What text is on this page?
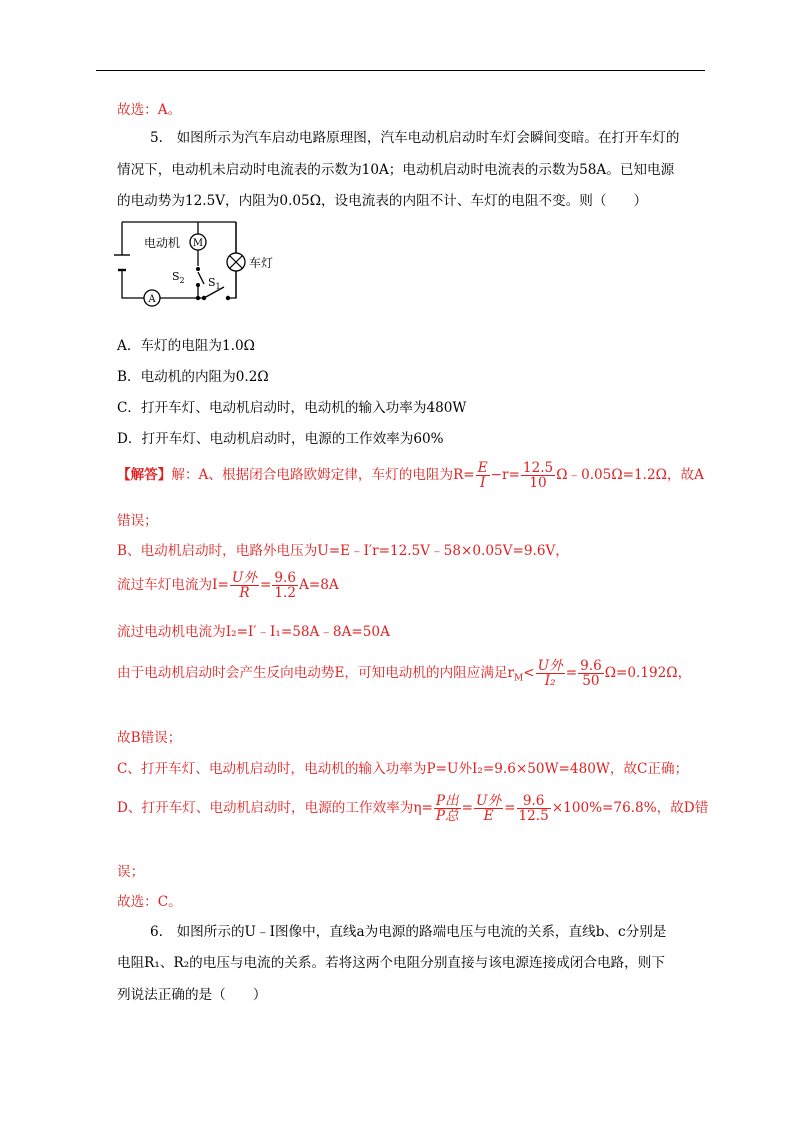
故选：A。
5.　如图所示为汽车启动电路原理图，汽车电动机启动时车灯会瞬间变暗。在打开车灯的
情况下，电动机未启动时电流表的示数为10A；电动机启动时电流表的示数为58A。已知电源
的电动势为12.5V，内阻为0.05Ω，设电流表的内阻不计、车灯的电阻不变。则（　　）
电动机 M
车灯
A
$S_2$ $S_1$
A．车灯的电阻为1.0Ω
B．电动机的内阻为0.2Ω
C．打开车灯、电动机启动时，电动机的输入功率为480W
D．打开车灯、电动机启动时，电源的工作效率为60%
【解答】解：A、根据闭合电路欧姆定律，车灯的电阻为$R= \frac{E}{I} -r= \frac{12.5}{10}$ Ω﹣0.05Ω=1.2Ω，故A
错误；
B、电动机启动时，电路外电压为U=E﹣I′r=12.5V﹣58×0.05V=9.6V，
流过车灯电流为$I= \frac{\text{U外}}{R} = \frac{9.6}{1.2} A=8A$
流过电动机电流为I₂=I′﹣I₁=58A﹣8A=50A
由于电动机启动时会产生反向电动势E，可知电动机的内阻应满足$r_M< \frac{\text{U外}}{\text{I₂}} = \frac{9.6}{50} \Omega=0.192\Omega$，
故B错误；
C、打开车灯、电动机启动时，电动机的输入功率为P=U外I₂=9.6×50W=480W，故C正确；
D、打开车灯、电动机启动时，电源的工作效率为$\eta= \frac{\text{P出}}{\text{P总}} = \frac{\text{U外}}{E} = \frac{9.6}{12.5} \times 100\%=76.8\%$，故D错
误；
故选：C。
6.　如图所示的U﹣I图像中，直线a为电源的路端电压与电流的关系，直线b、c分别是
电阻R₁、R₂的电压与电流的关系。若将这两个电阻分别直接与该电源连接成闭合电路，则下
列说法正确的是（　　）
